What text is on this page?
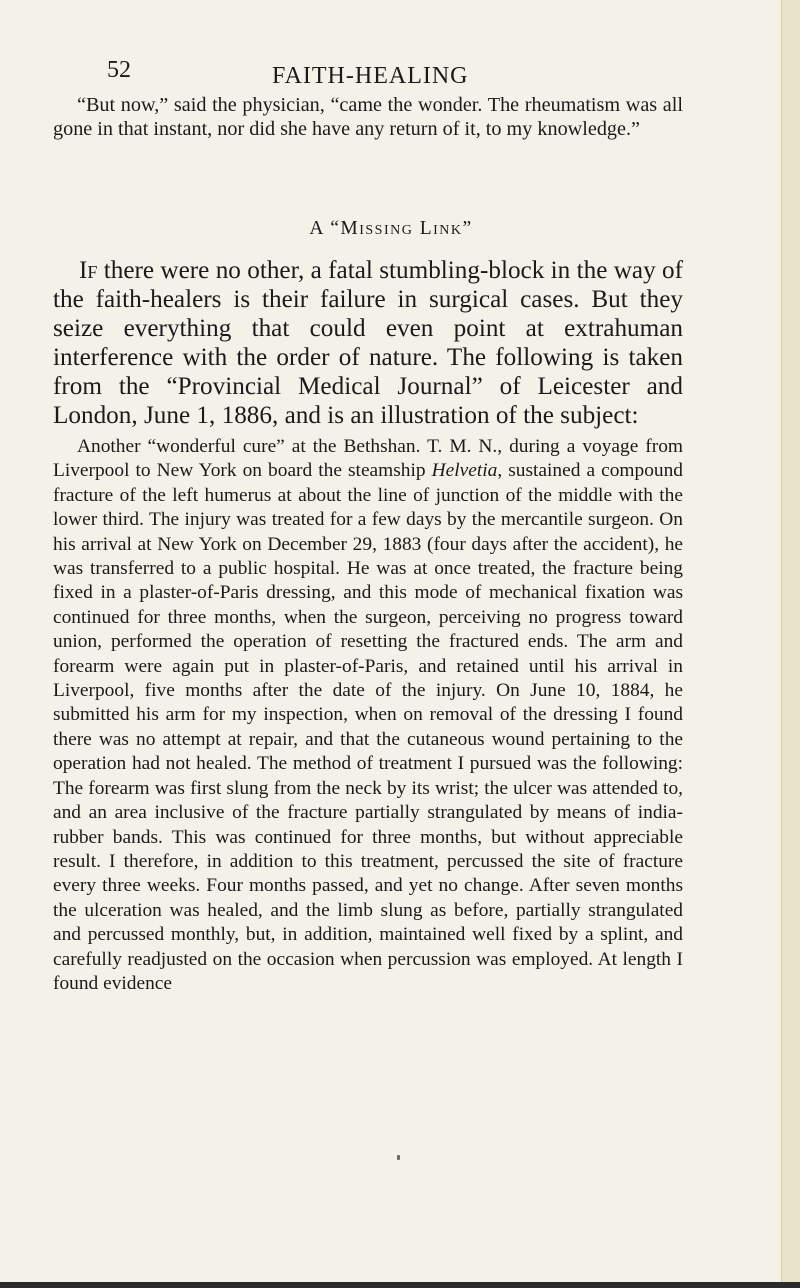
52	FAITH-HEALING

“But now,” said the physician, “came the wonder. The rheumatism was all gone in that instant, nor did she have any return of it, to my knowledge.”

A “Missing Link”

If there were no other, a fatal stumbling-block in the way of the faith-healers is their failure in surgical cases. But they seize everything that could even point at extrahuman interference with the order of nature. The following is taken from the “Provincial Medical Journal” of Leicester and London, June 1, 1886, and is an illustration of the subject:

Another “wonderful cure” at the Bethshan. T. M. N., during a voyage from Liverpool to New York on board the steamship Helvetia, sustained a compound fracture of the left humerus at about the line of junction of the middle with the lower third. The injury was treated for a few days by the mercantile surgeon. On his arrival at New York on December 29, 1883 (four days after the accident), he was transferred to a public hospital. He was at once treated, the fracture being fixed in a plaster-of-Paris dressing, and this mode of mechanical fixation was continued for three months, when the surgeon, perceiving no progress toward union, performed the operation of resetting the fractured ends. The arm and forearm were again put in plaster-of-Paris, and retained until his arrival in Liverpool, five months after the date of the injury. On June 10, 1884, he submitted his arm for my inspection, when on removal of the dressing I found there was no attempt at repair, and that the cutaneous wound pertaining to the operation had not healed. The method of treatment I pursued was the following: The forearm was first slung from the neck by its wrist; the ulcer was attended to, and an area inclusive of the fracture partially strangulated by means of india-rubber bands. This was continued for three months, but without appreciable result. I therefore, in addition to this treatment, percussed the site of fracture every three weeks. Four months passed, and yet no change. After seven months the ulceration was healed, and the limb slung as before, partially strangulated and percussed monthly, but, in addition, maintained well fixed by a splint, and carefully readjusted on the occasion when percussion was employed. At length I found evidence
